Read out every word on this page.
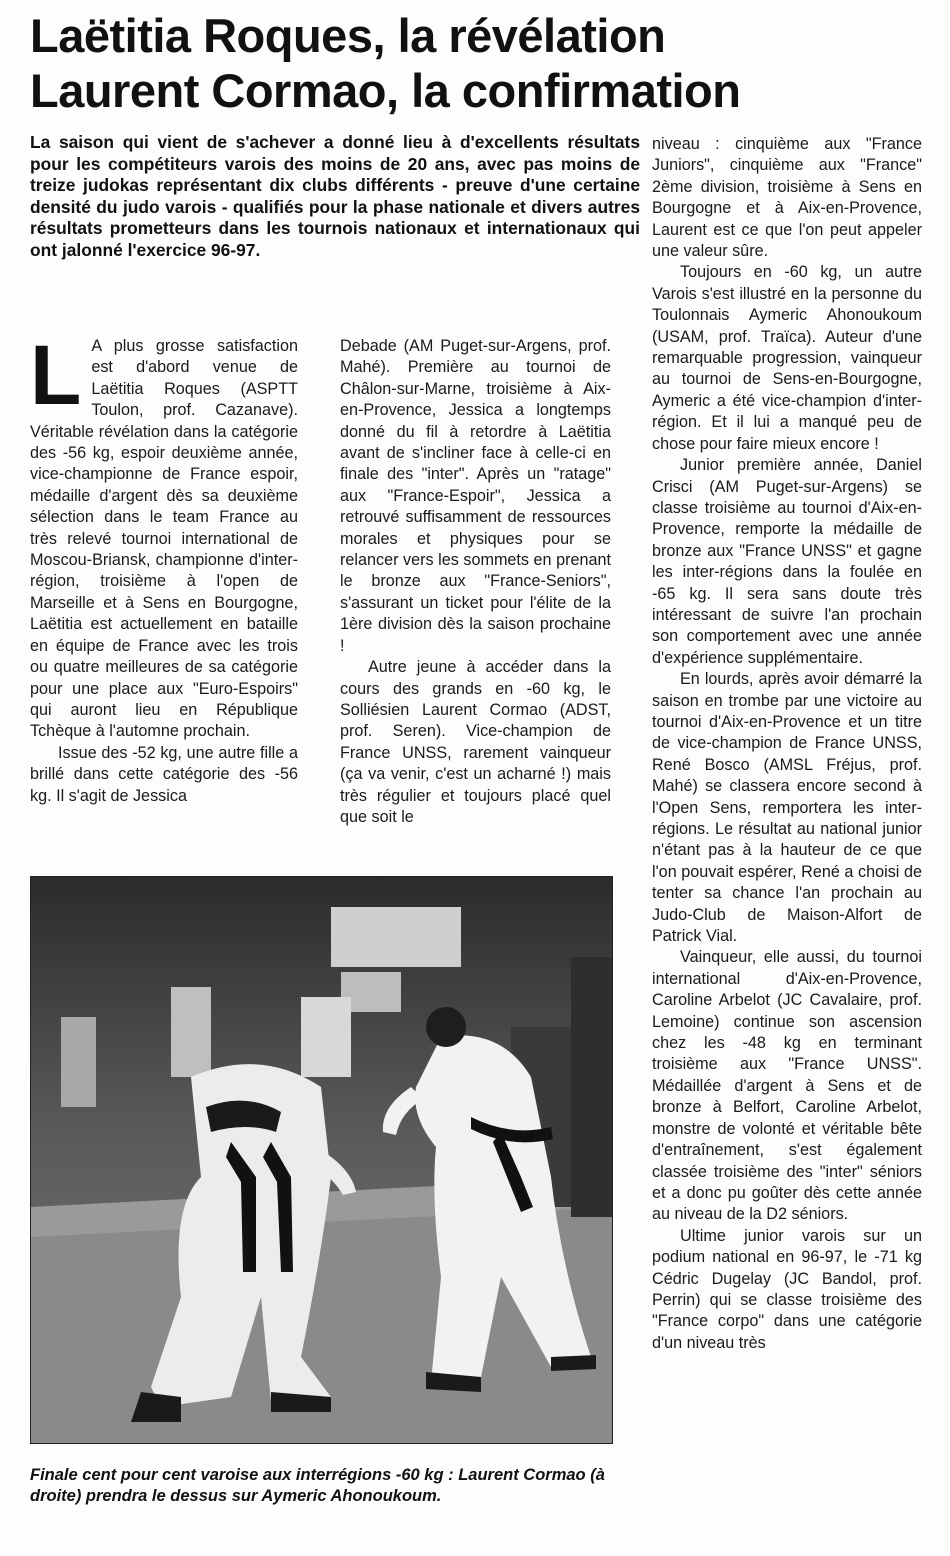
Laëtitia Roques, la révélation
Laurent Cormao, la confirmation

La saison qui vient de s'achever a donné lieu à d'excellents résultats pour les compétiteurs varois des moins de 20 ans, avec pas moins de treize judokas représentant dix clubs différents - preuve d'une certaine densité du judo varois - qualifiés pour la phase nationale et divers autres résultats prometteurs dans les tournois nationaux et internationaux qui ont jalonné l'exercice 96-97.

L A plus grosse satisfaction est d'abord venue de Laëtitia Roques (ASPTT Toulon, prof. Cazanave). Véritable révélation dans la catégorie des -56 kg, espoir deuxième année, vice-championne de France espoir, médaille d'argent dès sa deuxième sélection dans le team France au très relevé tournoi international de Moscou-Briansk, championne d'inter-région, troisième à l'open de Marseille et à Sens en Bourgogne, Laëtitia est actuellement en bataille en équipe de France avec les trois ou quatre meilleures de sa catégorie pour une place aux "Euro-Espoirs" qui auront lieu en République Tchèque à l'automne prochain.

Issue des -52 kg, une autre fille a brillé dans cette catégorie des -56 kg. Il s'agit de Jessica

Debade (AM Puget-sur-Argens, prof. Mahé). Première au tournoi de Châlon-sur-Marne, troisième à Aix-en-Provence, Jessica a longtemps donné du fil à retordre à Laëtitia avant de s'incliner face à celle-ci en finale des "inter". Après un "ratage" aux "France-Espoir", Jessica a retrouvé suffisamment de ressources morales et physiques pour se relancer vers les sommets en prenant le bronze aux "France-Seniors", s'assurant un ticket pour l'élite de la 1ère division dès la saison prochaine !

Autre jeune à accéder dans la cours des grands en -60 kg, le Solliésien Laurent Cormao (ADST, prof. Seren). Vice-champion de France UNSS, rarement vainqueur (ça va venir, c'est un acharné !) mais très régulier et toujours placé quel que soit le

niveau : cinquième aux "France Juniors", cinquième aux "France" 2ème division, troisième à Sens en Bourgogne et à Aix-en-Provence, Laurent est ce que l'on peut appeler une valeur sûre.

Toujours en -60 kg, un autre Varois s'est illustré en la personne du Toulonnais Aymeric Ahonoukoum (USAM, prof. Traïca). Auteur d'une remarquable progression, vainqueur au tournoi de Sens-en-Bourgogne, Aymeric a été vice-champion d'inter-région. Et il lui a manqué peu de chose pour faire mieux encore !

Junior première année, Daniel Crisci (AM Puget-sur-Argens) se classe troisième au tournoi d'Aix-en-Provence, remporte la médaille de bronze aux "France UNSS" et gagne les inter-régions dans la foulée en -65 kg. Il sera sans doute très intéressant de suivre l'an prochain son comportement avec une année d'expérience supplémentaire.

En lourds, après avoir démarré la saison en trombe par une victoire au tournoi d'Aix-en-Provence et un titre de vice-champion de France UNSS, René Bosco (AMSL Fréjus, prof. Mahé) se classera encore second à l'Open Sens, remportera les inter-régions. Le résultat au national junior n'étant pas à la hauteur de ce que l'on pouvait espérer, René a choisi de tenter sa chance l'an prochain au Judo-Club de Maison-Alfort de Patrick Vial.

Vainqueur, elle aussi, du tournoi international d'Aix-en-Provence, Caroline Arbelot (JC Cavalaire, prof. Lemoine) continue son ascension chez les -48 kg en terminant troisième aux "France UNSS". Médaillée d'argent à Sens et de bronze à Belfort, Caroline Arbelot, monstre de volonté et véritable bête d'entraînement, s'est également classée troisième des "inter" séniors et a donc pu goûter dès cette année au niveau de la D2 séniors.

Ultime junior varois sur un podium national en 96-97, le -71 kg Cédric Dugelay (JC Bandol, prof. Perrin) qui se classe troisième des "France corpo" dans une catégorie d'un niveau très

Finale cent pour cent varoise aux interrégions -60 kg : Laurent Cormao (à droite) prendra le dessus sur Aymeric Ahonoukoum.
